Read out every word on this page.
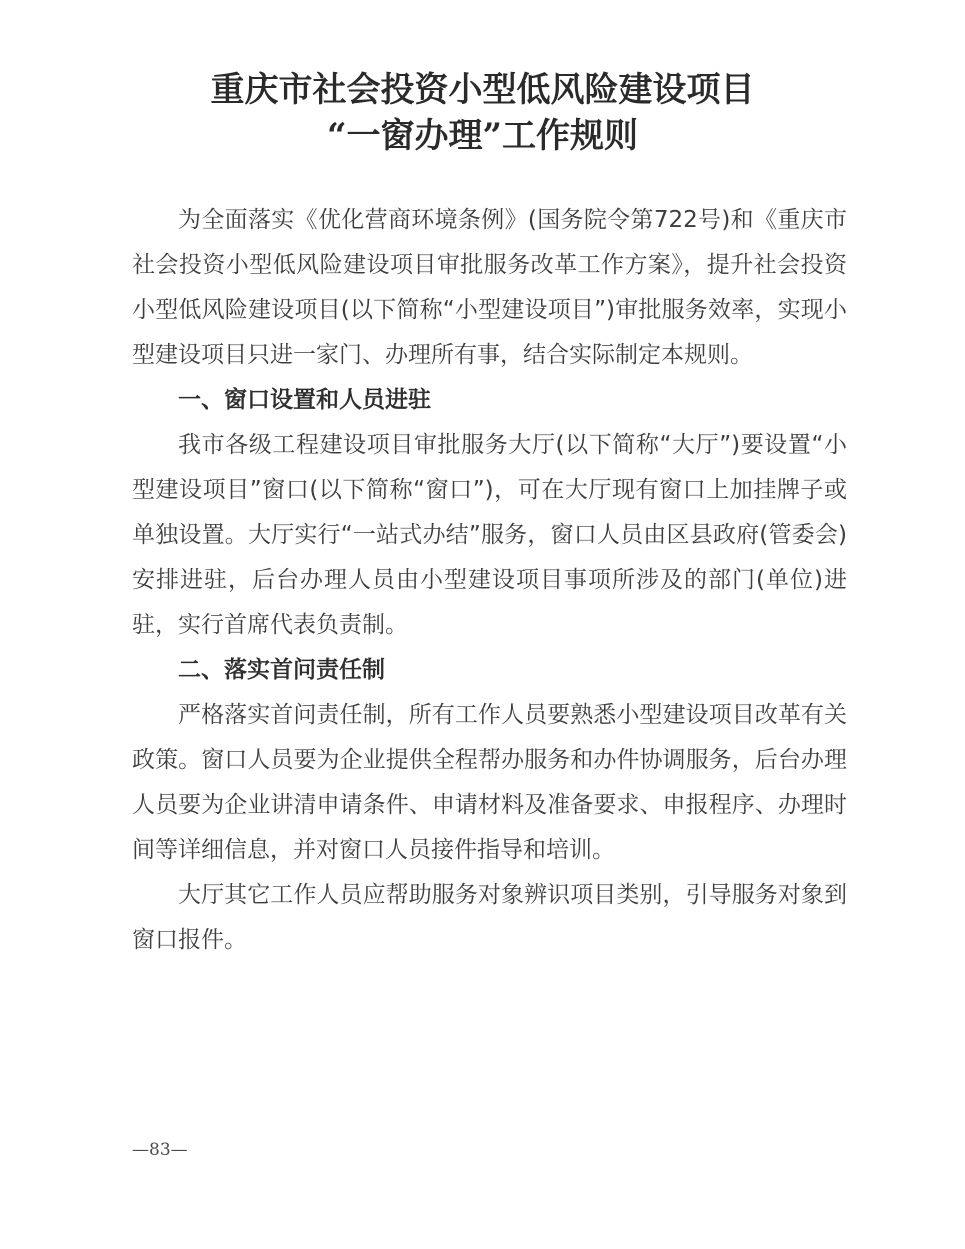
重庆市社会投资小型低风险建设项目
“一窗办理”工作规则

为全面落实《优化营商环境条例》(国务院令第722号)和《重庆市社会投资小型低风险建设项目审批服务改革工作方案》，提升社会投资小型低风险建设项目(以下简称“小型建设项目”)审批服务效率，实现小型建设项目只进一家门、办理所有事，结合实际制定本规则。

一、窗口设置和人员进驻

我市各级工程建设项目审批服务大厅(以下简称“大厅”)要设置“小型建设项目”窗口(以下简称“窗口”)，可在大厅现有窗口上加挂牌子或单独设置。大厅实行“一站式办结”服务，窗口人员由区县政府(管委会)安排进驻，后台办理人员由小型建设项目事项所涉及的部门(单位)进驻，实行首席代表负责制。

二、落实首问责任制

严格落实首问责任制，所有工作人员要熟悉小型建设项目改革有关政策。窗口人员要为企业提供全程帮办服务和办件协调服务，后台办理人员要为企业讲清申请条件、申请材料及准备要求、申报程序、办理时间等详细信息，并对窗口人员接件指导和培训。

大厅其它工作人员应帮助服务对象辨识项目类别，引导服务对象到窗口报件。

—83—
